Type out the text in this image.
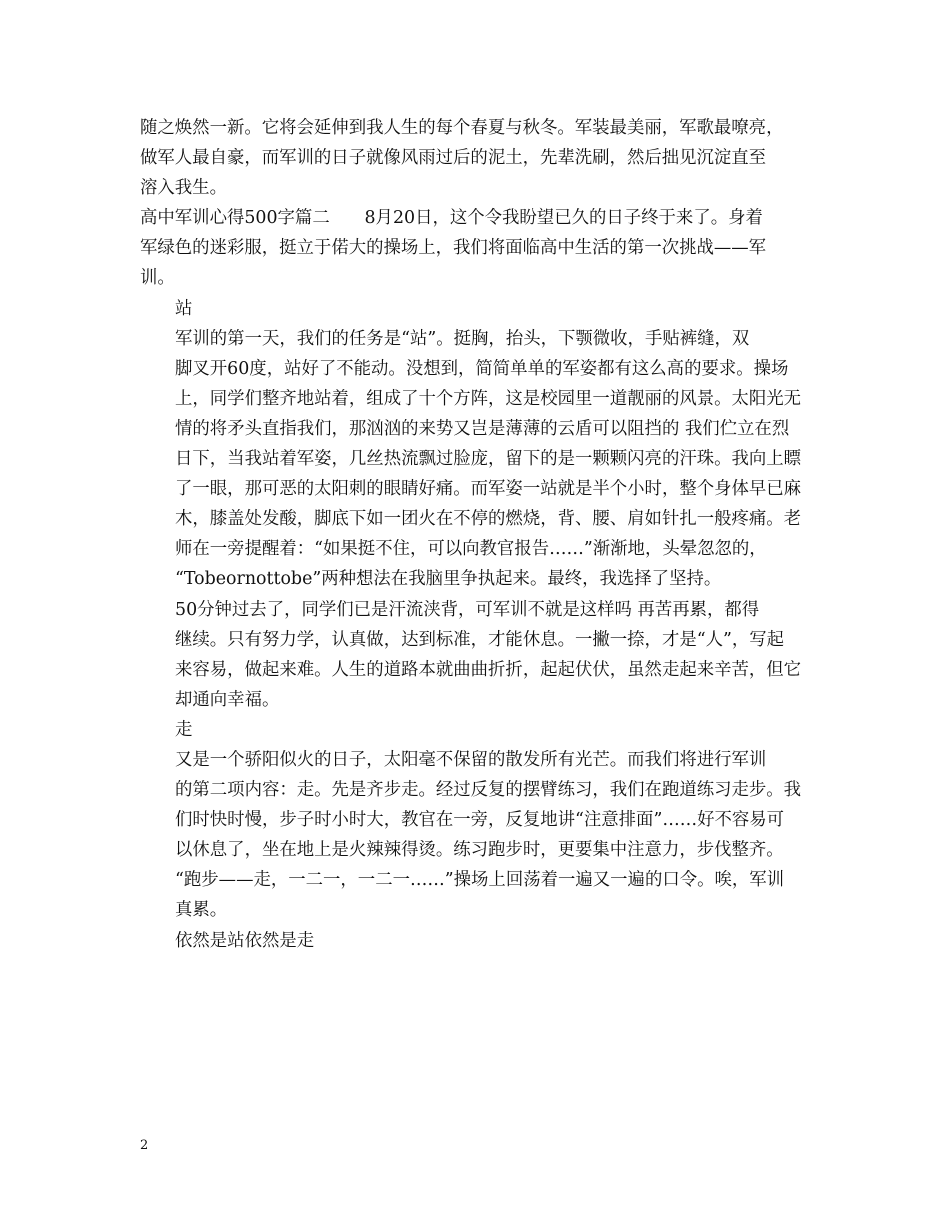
随之焕然一新。它将会延伸到我人生的每个春夏与秋冬。军装最美丽，军歌最嘹亮，
做军人最自豪，而军训的日子就像风雨过后的泥土，先辈洗刷，然后拙见沉淀直至
溶入我生。

高中军训心得500字篇二　　8月20日，这个令我盼望已久的日子终于来了。身着
军绿色的迷彩服，挺立于偌大的操场上，我们将面临高中生活的第一次挑战——军
训。

站

军训的第一天，我们的任务是“站”。挺胸，抬头，下颚微收，手贴裤缝，双
脚叉开60度，站好了不能动。没想到，简简单单的军姿都有这么高的要求。操场
上，同学们整齐地站着，组成了十个方阵，这是校园里一道靓丽的风景。太阳光无
情的将矛头直指我们，那汹汹的来势又岂是薄薄的云盾可以阻挡的 我们伫立在烈
日下，当我站着军姿，几丝热流飘过脸庞，留下的是一颗颗闪亮的汗珠。我向上瞟
了一眼，那可恶的太阳刺的眼睛好痛。而军姿一站就是半个小时，整个身体早已麻
木，膝盖处发酸，脚底下如一团火在不停的燃烧，背、腰、肩如针扎一般疼痛。老
师在一旁提醒着：“如果挺不住，可以向教官报告……”渐渐地，头晕忽忽的，
“Tobeornottobe”两种想法在我脑里争执起来。最终，我选择了坚持。

50分钟过去了，同学们已是汗流浃背，可军训不就是这样吗 再苦再累，都得
继续。只有努力学，认真做，达到标准，才能休息。一撇一捺，才是“人”，写起
来容易，做起来难。人生的道路本就曲曲折折，起起伏伏，虽然走起来辛苦，但它
却通向幸福。

走

又是一个骄阳似火的日子，太阳毫不保留的散发所有光芒。而我们将进行军训
的第二项内容：走。先是齐步走。经过反复的摆臂练习，我们在跑道练习走步。我
们时快时慢，步子时小时大，教官在一旁，反复地讲“注意排面”……好不容易可
以休息了，坐在地上是火辣辣得烫。练习跑步时，更要集中注意力，步伐整齐。
“跑步——走，一二一，一二一……”操场上回荡着一遍又一遍的口令。唉，军训
真累。

依然是站依然是走

2
